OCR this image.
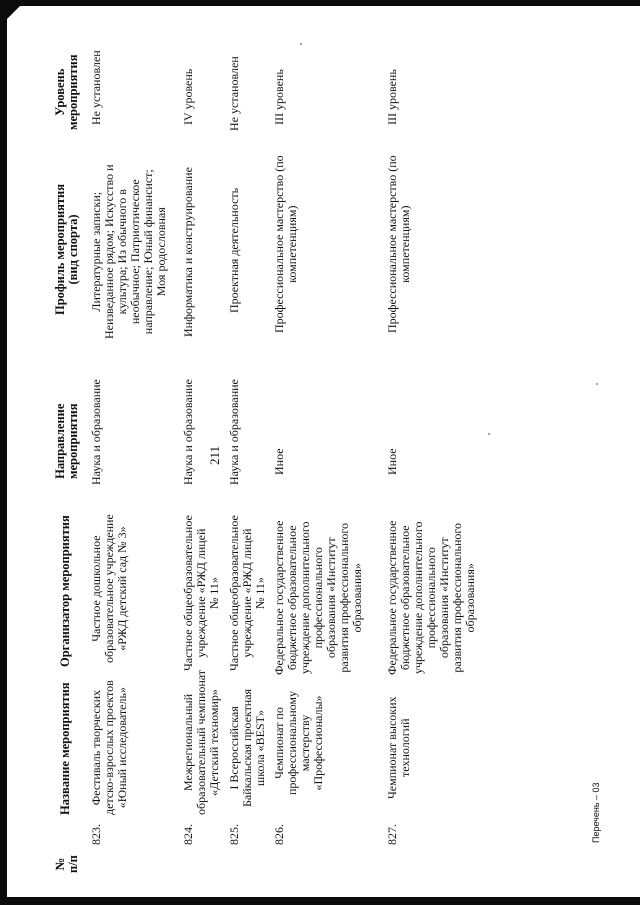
211
№ п/п
Название мероприятия
Организатор мероприятия
Направление мероприятия
Профиль мероприятия (вид спорта)
Уровень мероприятия
823.
Фестиваль творческих детско-взрослых проектов «Юный исследователь»
Частное дошкольное образовательное учреждение «РЖД детский сад № 3»
Наука и образование
Литературные записки; Неизведанное рядом; Искусство и культура; Из обычного в необычное; Патриотическое направление; Юный финансист; Моя родословная
Не установлен
824.
Межрегиональный образовательный чемпионат «Детский техномир»
Частное общеобразовательное учреждение «РЖД лицей № 11»
Наука и образование
Информатика и конструирование
IV уровень
825.
I Всероссийская Байкальская проектная школа «BEST»
Частное общеобразовательное учреждение «РЖД лицей № 11»
Наука и образование
Проектная деятельность
Не установлен
826.
Чемпионат по профессиональному мастерству «Профессионалы»
Федеральное государственное бюджетное образовательное учреждение дополнительного профессионального образования «Институт развития профессионального образования»
Иное
Профессиональное мастерство (по компетенциям)
III уровень
827.
Чемпионат высоких технологий
Федеральное государственное бюджетное образовательное учреждение дополнительного профессионального образования «Институт развития профессионального образования»
Иное
Профессиональное мастерство (по компетенциям)
III уровень
Перечень – 03
